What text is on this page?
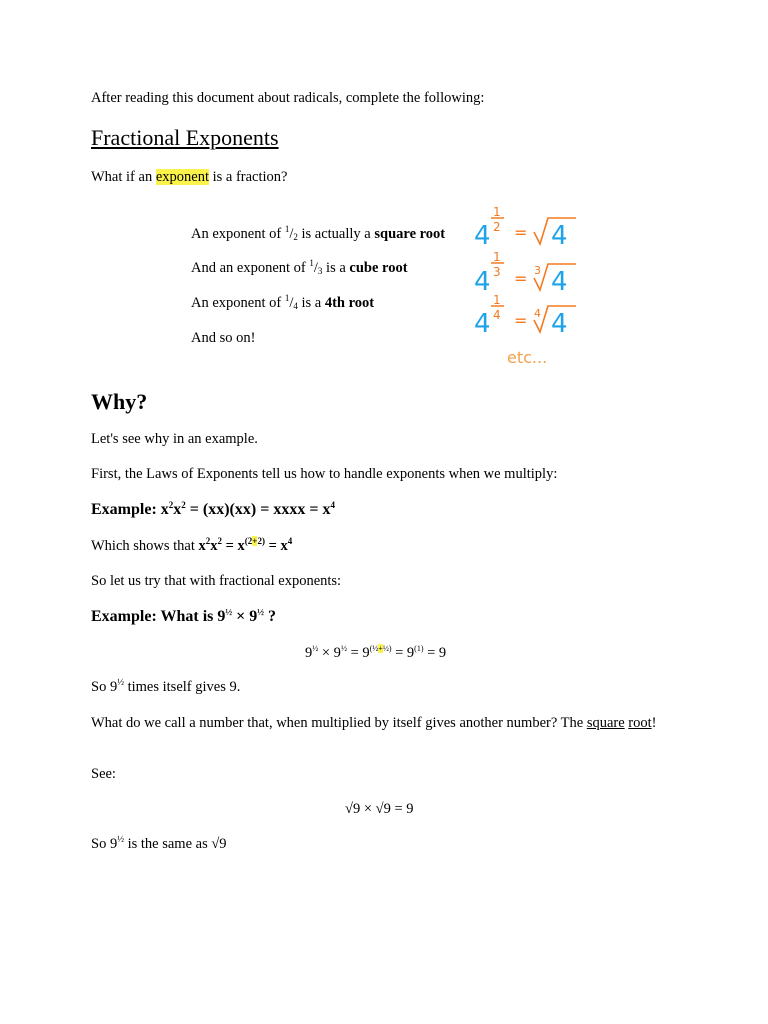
After reading this document about radicals, complete the following:
Fractional Exponents
What if an exponent is a fraction?
An exponent of $^1/_2$ is actually a square root
And an exponent of $^1/_3$ is a cube root
An exponent of $^1/_4$ is a 4th root
And so on!
4
1
2 = 4
4
1
3 = 3 4
4
1
4 = 4 4
etc...
Why?
Let's see why in an example.
First, the Laws of Exponents tell us how to handle exponents when we multiply:
Example: $x^2x^2 = (xx)(xx)$ = xxxx = $x^4$
Which shows that $x^2x^2 = x^{(2+2)} = x^4$
So let us try that with fractional exponents:
Example: What is $9^{\frac{1}{2}} \times 9^{\frac{1}{2}}$ ?
$9^{\frac{1}{2}} \times 9^{\frac{1}{2}} = 9^{(\frac{1}{2}+\frac{1}{2})} = 9^{(1)} = 9$
So $9^{\frac{1}{2}}$ times itself gives 9.
What do we call a number that, when multiplied by itself gives another number? The square root!
See:
√9 × √9 = 9
So $9^{\frac{1}{2}}$ is the same as √9
